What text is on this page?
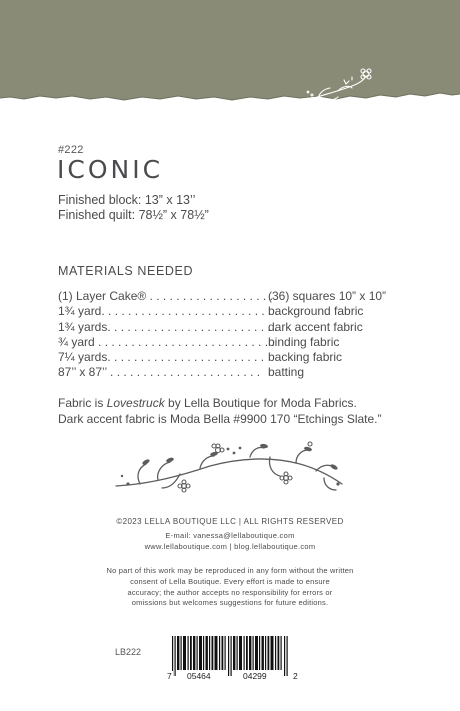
#222
ICONIC
Finished block: 13” x 13’’
Finished quilt: 78½” x 78½”
MATERIALS NEEDED
(1) Layer Cake® . . . . . . . . . . . . . . . . . . .
(36) squares 10” x 10”
1¾ yard. . . . . . . . . . . . . . . . . . . . . . . . . . .
background fabric
1¾ yards. . . . . . . . . . . . . . . . . . . . . . . . . .
dark accent fabric
¾ yard . . . . . . . . . . . . . . . . . . . . . . . . . . .
binding fabric
7¼ yards. . . . . . . . . . . . . . . . . . . . . . . . backing fabric
87’’ x 87’’ . . . . . . . . . . . . . . . . . . . . . . . batting
Fabric is Lovestruck by Lella Boutique for Moda Fabrics.
Dark accent fabric is Moda Bella #9900 170 “Etchings Slate.”
©2023 LELLA BOUTIQUE LLC | ALL RIGHTS RESERVED
E-mail: vanessa@lellaboutique.com
www.lellaboutique.com | blog.lellaboutique.com
No part of this work may be reproduced in any form without the written
consent of Lella Boutique. Every effort is made to ensure
accuracy; the author accepts no responsibility for errors or
omissions but welcomes suggestions for future editions.
LB222
7 05464	04299	2
